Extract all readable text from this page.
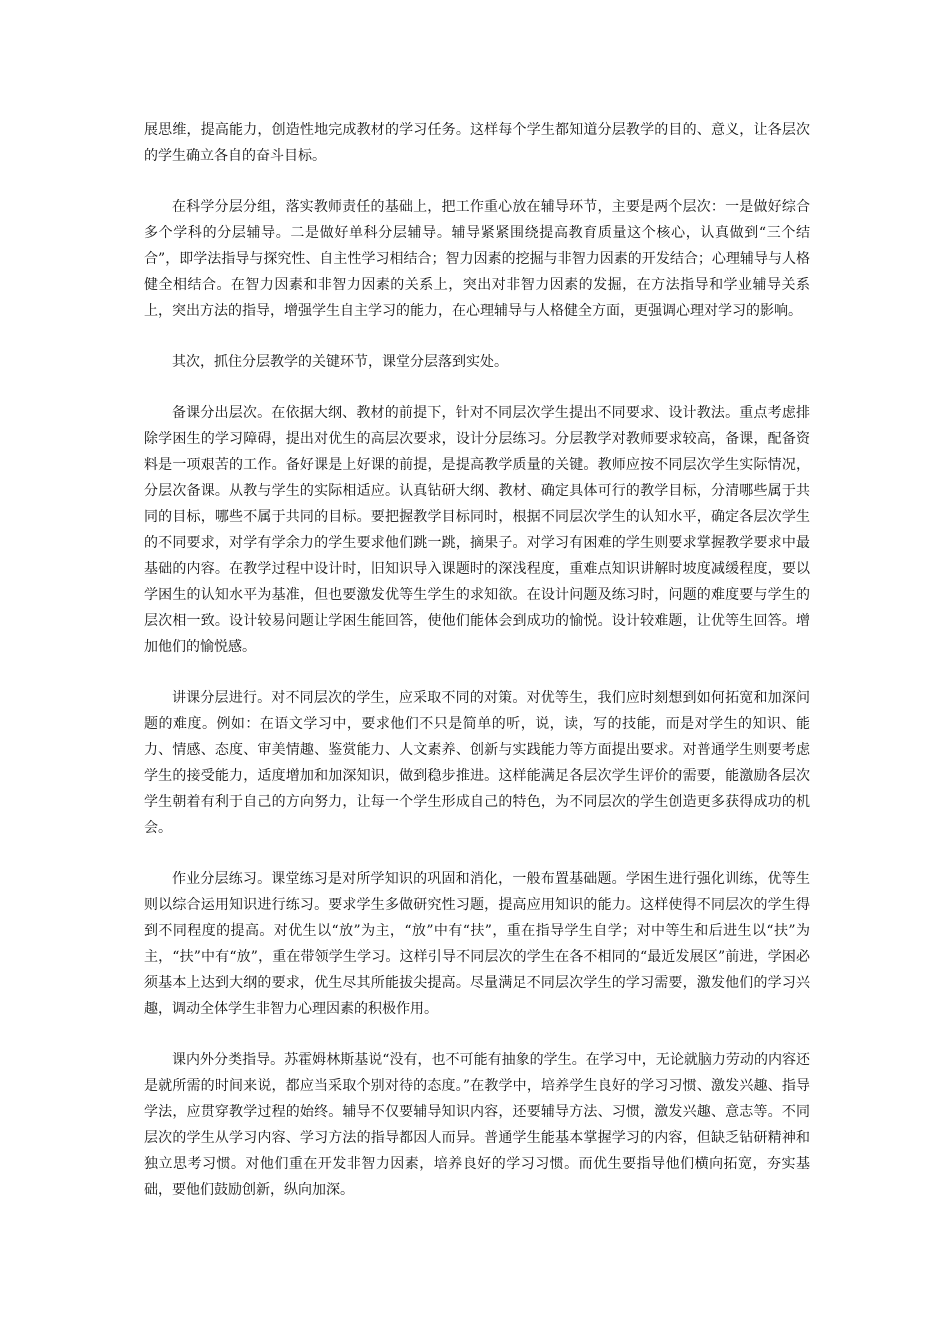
展思维，提高能力，创造性地完成教材的学习任务。这样每个学生都知道分层教学的目的、意义，让各层次的学生确立各自的奋斗目标。

在科学分层分组，落实教师责任的基础上，把工作重心放在辅导环节，主要是两个层次：一是做好综合多个学科的分层辅导。二是做好单科分层辅导。辅导紧紧围绕提高教育质量这个核心，认真做到“三个结合”，即学法指导与探究性、自主性学习相结合；智力因素的挖掘与非智力因素的开发结合；心理辅导与人格健全相结合。在智力因素和非智力因素的关系上，突出对非智力因素的发掘，在方法指导和学业辅导关系上，突出方法的指导，增强学生自主学习的能力，在心理辅导与人格健全方面，更强调心理对学习的影响。

其次，抓住分层教学的关键环节，课堂分层落到实处。

备课分出层次。在依据大纲、教材的前提下，针对不同层次学生提出不同要求、设计教法。重点考虑排除学困生的学习障碍，提出对优生的高层次要求，设计分层练习。分层教学对教师要求较高，备课，配备资料是一项艰苦的工作。备好课是上好课的前提，是提高教学质量的关键。教师应按不同层次学生实际情况，分层次备课。从教与学生的实际相适应。认真钻研大纲、教材、确定具体可行的教学目标，分清哪些属于共同的目标，哪些不属于共同的目标。要把握教学目标同时，根据不同层次学生的认知水平，确定各层次学生的不同要求，对学有学余力的学生要求他们跳一跳，摘果子。对学习有困难的学生则要求掌握教学要求中最基础的内容。在教学过程中设计时，旧知识导入课题时的深浅程度，重难点知识讲解时坡度减缓程度，要以学困生的认知水平为基准，但也要激发优等生学生的求知欲。在设计问题及练习时，问题的难度要与学生的层次相一致。设计较易问题让学困生能回答，使他们能体会到成功的愉悦。设计较难题，让优等生回答。增加他们的愉悦感。

讲课分层进行。对不同层次的学生，应采取不同的对策。对优等生，我们应时刻想到如何拓宽和加深问题的难度。例如：在语文学习中，要求他们不只是简单的听，说，读，写的技能，而是对学生的知识、能力、情感、态度、审美情趣、鉴赏能力、人文素养、创新与实践能力等方面提出要求。对普通学生则要考虑学生的接受能力，适度增加和加深知识，做到稳步推进。这样能满足各层次学生评价的需要，能激励各层次学生朝着有利于自己的方向努力，让每一个学生形成自己的特色，为不同层次的学生创造更多获得成功的机会。

作业分层练习。课堂练习是对所学知识的巩固和消化，一般布置基础题。学困生进行强化训练，优等生则以综合运用知识进行练习。要求学生多做研究性习题，提高应用知识的能力。这样使得不同层次的学生得到不同程度的提高。对优生以“放”为主，“放”中有“扶”，重在指导学生自学；对中等生和后进生以“扶”为主，“扶”中有“放”，重在带领学生学习。这样引导不同层次的学生在各不相同的“最近发展区”前进，学困必须基本上达到大纲的要求，优生尽其所能拔尖提高。尽量满足不同层次学生的学习需要，激发他们的学习兴趣，调动全体学生非智力心理因素的积极作用。

课内外分类指导。苏霍姆林斯基说“没有，也不可能有抽象的学生。在学习中，无论就脑力劳动的内容还是就所需的时间来说，都应当采取个别对待的态度。”在教学中，培养学生良好的学习习惯、激发兴趣、指导学法，应贯穿教学过程的始终。辅导不仅要辅导知识内容，还要辅导方法、习惯，激发兴趣、意志等。不同层次的学生从学习内容、学习方法的指导都因人而异。普通学生能基本掌握学习的内容，但缺乏钻研精神和独立思考习惯。对他们重在开发非智力因素，培养良好的学习习惯。而优生要指导他们横向拓宽，夯实基础，要他们鼓励创新，纵向加深。
